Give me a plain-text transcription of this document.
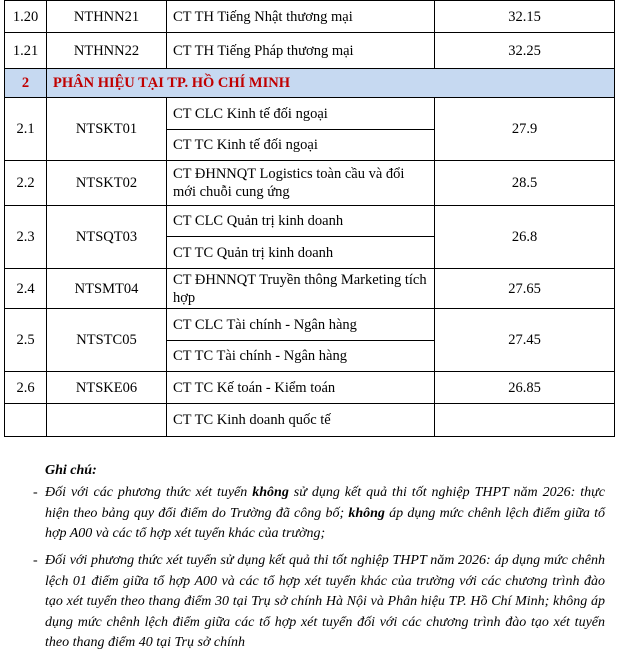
1.20	NTHNN21	CT TH Tiếng Nhật thương mại	32.15
1.21	NTHNN22	CT TH Tiếng Pháp thương mại	32.25
2	PHÂN HIỆU TẠI TP. HỒ CHÍ MINH		
2.1	NTSKT01	CT CLC Kinh tế đối ngoại	27.9
		CT TC Kinh tế đối ngoại	
2.2	NTSKT02	CT ĐHNNQT Logistics toàn cầu và đổi mới chuỗi cung ứng	28.5
2.3	NTSQT03	CT CLC Quản trị kinh doanh	26.8
		CT TC Quản trị kinh doanh	
2.4	NTSMT04	CT ĐHNNQT Truyền thông Marketing tích hợp	27.65
2.5	NTSTC05	CT CLC Tài chính - Ngân hàng	27.45
		CT TC Tài chính - Ngân hàng	
2.6	NTSKE06	CT TC Kế toán - Kiểm toán	26.85
		CT TC Kinh doanh quốc tế	
Ghi chú:
- Đối với các phương thức xét tuyển không sử dụng kết quả thi tốt nghiệp THPT năm 2026: thực hiện theo bảng quy đổi điểm do Trường đã công bố; không áp dụng mức chênh lệch điểm giữa tổ hợp A00 và các tổ hợp xét tuyển khác của trường;
- Đối với phương thức xét tuyển sử dụng kết quả thi tốt nghiệp THPT năm 2026: áp dụng mức chênh lệch 01 điểm giữa tổ hợp A00 và các tổ hợp xét tuyển khác của trường với các chương trình đào tạo xét tuyển theo thang điểm 30 tại Trụ sở chính Hà Nội và Phân hiệu TP. Hồ Chí Minh; không áp dụng mức chênh lệch điểm giữa các tổ hợp xét tuyển đối với các chương trình đào tạo xét tuyển theo thang điểm 40 tại Trụ sở chính
